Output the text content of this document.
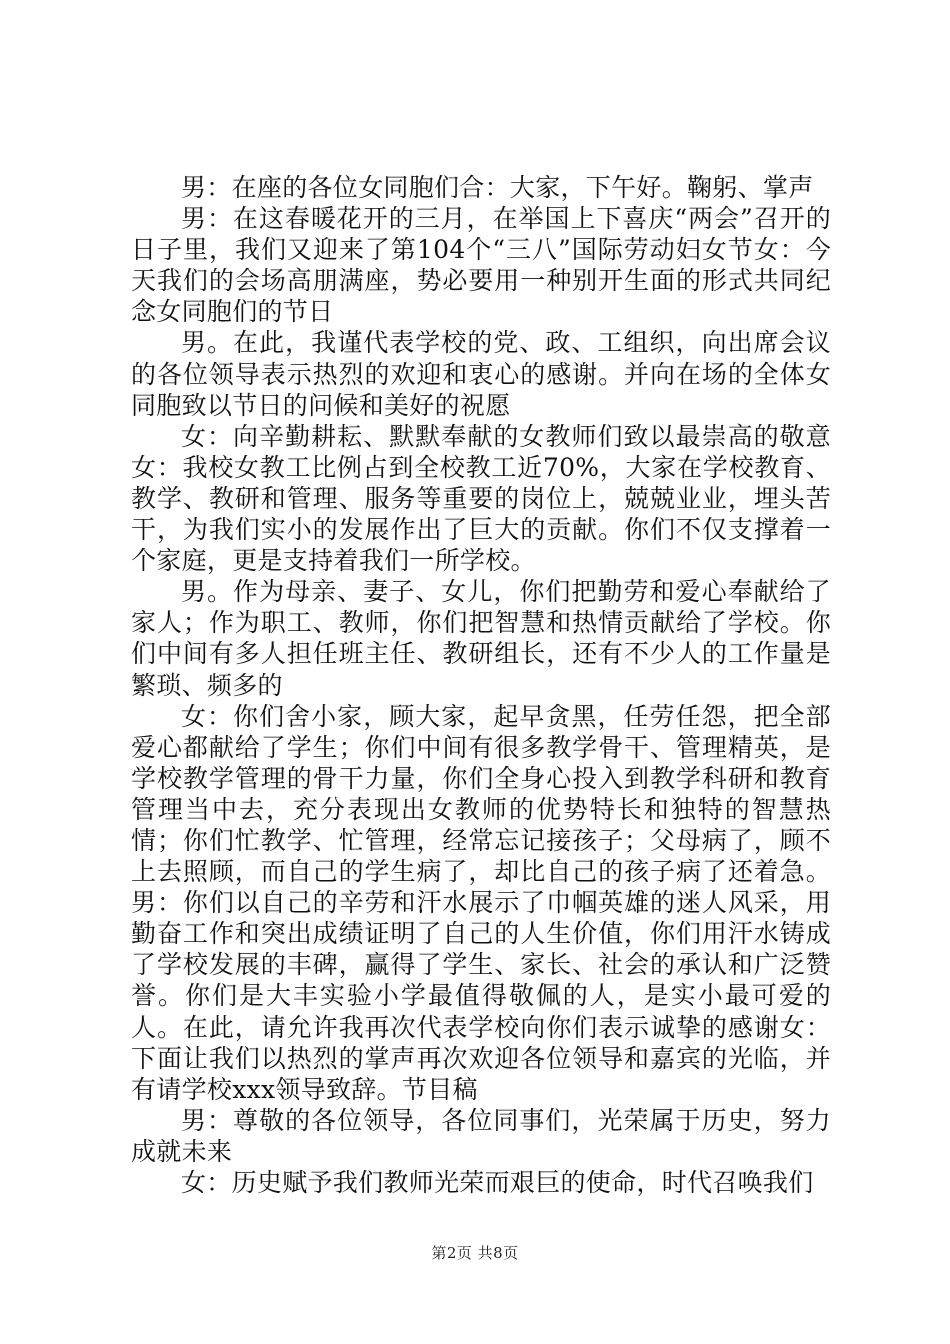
男：在座的各位女同胞们合：大家，下午好。鞠躬、掌声

男：在这春暖花开的三月，在举国上下喜庆“两会”召开的日子里，我们又迎来了第104个“三八”国际劳动妇女节女：今天我们的会场高朋满座，势必要用一种别开生面的形式共同纪念女同胞们的节日

男。在此，我谨代表学校的党、政、工组织，向出席会议的各位领导表示热烈的欢迎和衷心的感谢。并向在场的全体女同胞致以节日的问候和美好的祝愿

女：向辛勤耕耘、默默奉献的女教师们致以最崇高的敬意女：我校女教工比例占到全校教工近70%，大家在学校教育、教学、教研和管理、服务等重要的岗位上，兢兢业业，埋头苦干，为我们实小的发展作出了巨大的贡献。你们不仅支撑着一个家庭，更是支持着我们一所学校。

男。作为母亲、妻子、女儿，你们把勤劳和爱心奉献给了家人；作为职工、教师，你们把智慧和热情贡献给了学校。你们中间有多人担任班主任、教研组长，还有不少人的工作量是繁琐、频多的

女：你们舍小家，顾大家，起早贪黑，任劳任怨，把全部爱心都献给了学生；你们中间有很多教学骨干、管理精英，是学校教学管理的骨干力量，你们全身心投入到教学科研和教育管理当中去，充分表现出女教师的优势特长和独特的智慧热情；你们忙教学、忙管理，经常忘记接孩子；父母病了，顾不上去照顾，而自己的学生病了，却比自己的孩子病了还着急。男：你们以自己的辛劳和汗水展示了巾帼英雄的迷人风采，用勤奋工作和突出成绩证明了自己的人生价值，你们用汗水铸成了学校发展的丰碑，赢得了学生、家长、社会的承认和广泛赞誉。你们是大丰实验小学最值得敬佩的人，是实小最可爱的人。在此，请允许我再次代表学校向你们表示诚挚的感谢女：下面让我们以热烈的掌声再次欢迎各位领导和嘉宾的光临，并有请学校xxx领导致辞。节目稿

男：尊敬的各位领导，各位同事们，光荣属于历史，努力成就未来

女：历史赋予我们教师光荣而艰巨的使命，时代召唤我们

第2页 共8页
